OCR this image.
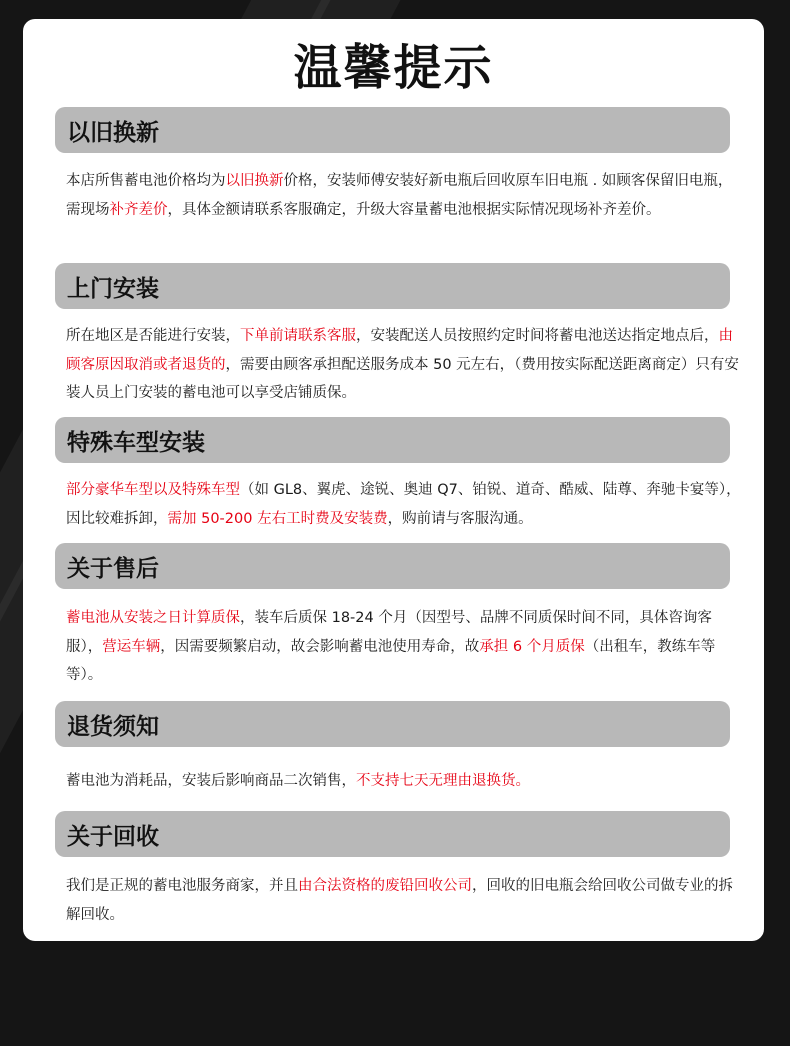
温馨提示
以旧换新
本店所售蓄电池价格均为以旧换新价格，安装师傅安装好新电瓶后回收原车旧电瓶 . 如顾客保留旧电瓶，需现场补齐差价，具体金额请联系客服确定，升级大容量蓄电池根据实际情况现场补齐差价。
上门安装
所在地区是否能进行安装，下单前请联系客服，安装配送人员按照约定时间将蓄电池送达指定地点后，由顾客原因取消或者退货的，需要由顾客承担配送服务成本 50 元左右，（费用按实际配送距离商定）只有安装人员上门安装的蓄电池可以享受店铺质保。
特殊车型安装
部分豪华车型以及特殊车型（如 GL8、翼虎、途锐、奥迪 Q7、铂锐、道奇、酷威、陆尊、奔驰卡宴等），因比较难拆卸，需加 50-200 左右工时费及安装费，购前请与客服沟通。
关于售后
蓄电池从安装之日计算质保，装车后质保 18-24 个月（因型号、品牌不同质保时间不同，具体咨询客服），营运车辆，因需要频繁启动，故会影响蓄电池使用寿命，故承担 6 个月质保（出租车，教练车等等）。
退货须知
蓄电池为消耗品，安装后影响商品二次销售，不支持七天无理由退换货。
关于回收
我们是正规的蓄电池服务商家，并且由合法资格的废铅回收公司，回收的旧电瓶会给回收公司做专业的拆解回收。
